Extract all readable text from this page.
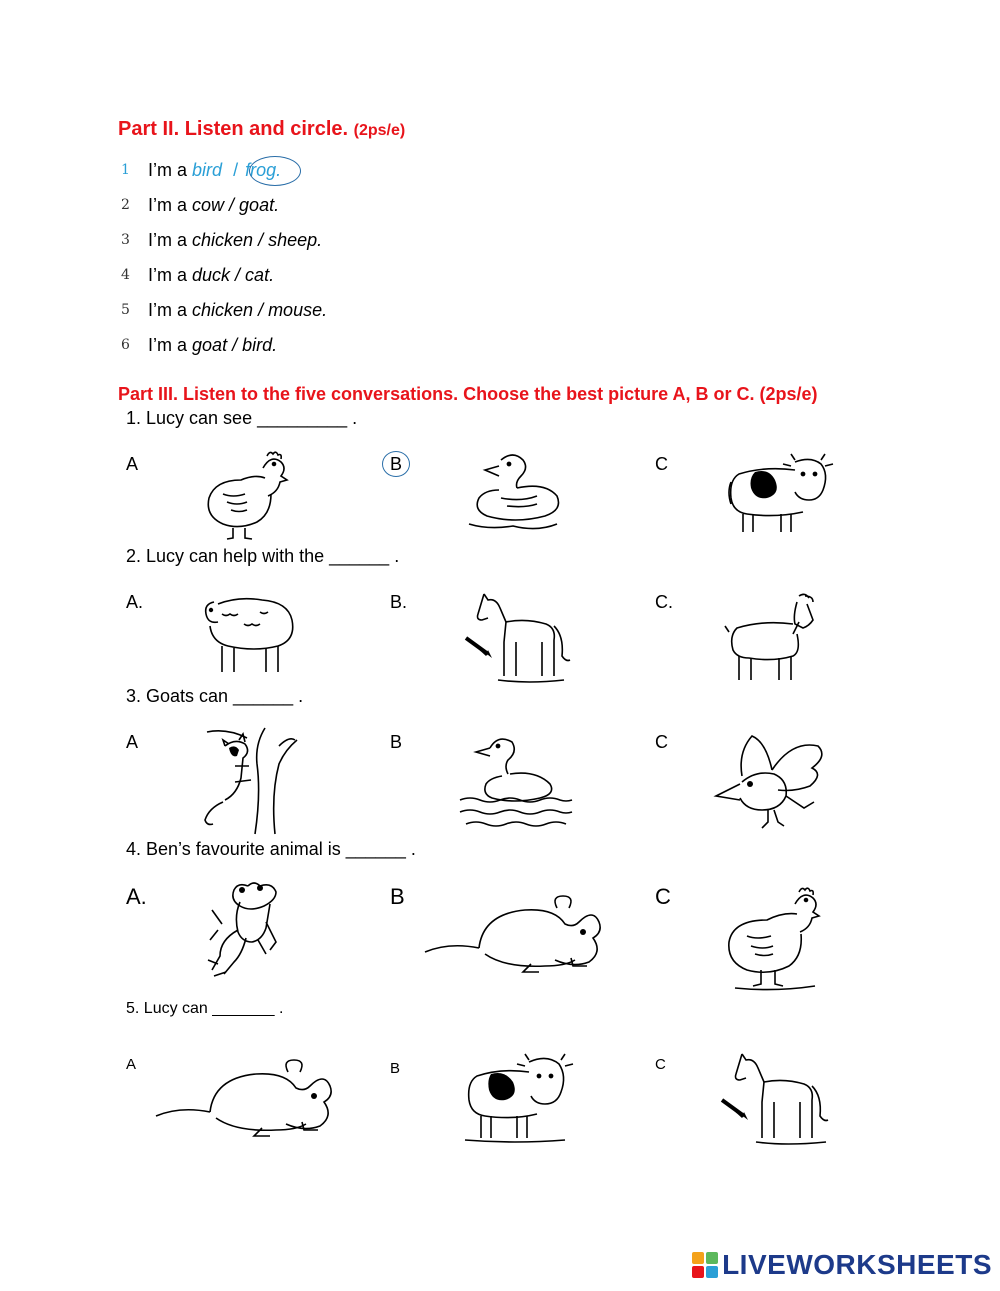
Part II. Listen and circle. (2ps/e)
1 I’m a bird / frog.
2 I’m a cow / goat.
3 I’m a chicken / sheep.
4 I’m a duck / cat.
5 I’m a chicken / mouse.
6 I’m a goat / bird.
Part III. Listen to the five conversations. Choose the best picture A, B or C. (2ps/e)
1. Lucy can see _________ .
A	B	C
2. Lucy can help with the ______ .
A.	B.	C.
3. Goats can ______ .
A	B	C
4. Ben’s favourite animal is ______ .
A.	B	C
5. Lucy can _______ .
A	B	C
LIVEWORKSHEETS
